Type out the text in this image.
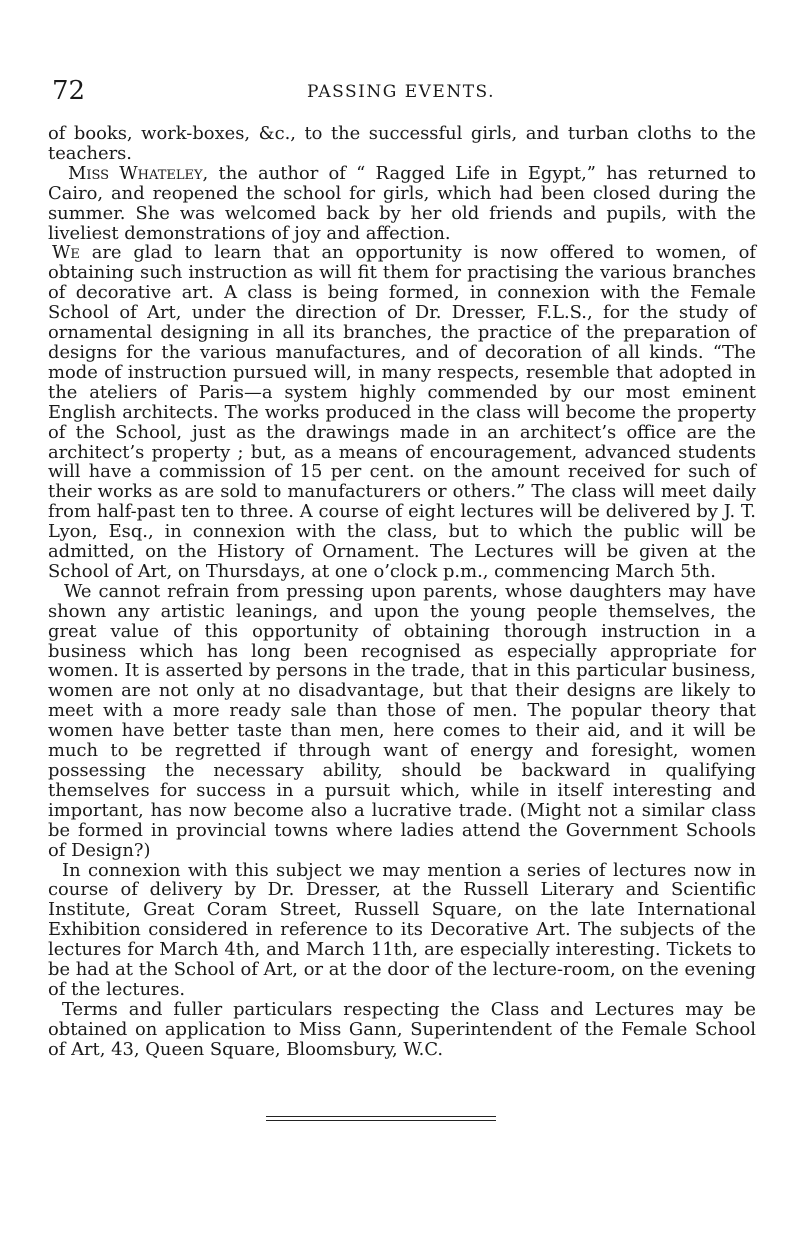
72	PASSING EVENTS.

of books, work-boxes, &c., to the successful girls, and turban cloths to the teachers.

Miss Whateley, the author of “ Ragged Life in Egypt,” has returned to Cairo, and reopened the school for girls, which had been closed during the summer. She was welcomed back by her old friends and pupils, with the liveliest demonstrations of joy and affection.

We are glad to learn that an opportunity is now offered to women, of obtaining such instruction as will fit them for practising the various branches of decorative art. A class is being formed, in connexion with the Female School of Art, under the direction of Dr. Dresser, F.L.S., for the study of ornamental designing in all its branches, the practice of the preparation of designs for the various manufactures, and of decoration of all kinds. “The mode of instruction pursued will, in many respects, resemble that adopted in the ateliers of Paris—a system highly commended by our most eminent English architects. The works produced in the class will become the property of the School, just as the drawings made in an architect’s office are the architect’s property ; but, as a means of encouragement, advanced students will have a commission of 15 per cent. on the amount received for such of their works as are sold to manufacturers or others.” The class will meet daily from half-past ten to three. A course of eight lectures will be delivered by J. T. Lyon, Esq., in connexion with the class, but to which the public will be admitted, on the History of Ornament. The Lectures will be given at the School of Art, on Thursdays, at one o’clock p.m., commencing March 5th.

We cannot refrain from pressing upon parents, whose daughters may have shown any artistic leanings, and upon the young people themselves, the great value of this opportunity of obtaining thorough instruction in a business which has long been recognised as especially appropriate for women. It is asserted by persons in the trade, that in this particular business, women are not only at no disadvantage, but that their designs are likely to meet with a more ready sale than those of men. The popular theory that women have better taste than men, here comes to their aid, and it will be much to be regretted if through want of energy and foresight, women possessing the necessary ability, should be backward in qualifying themselves for success in a pursuit which, while in itself interesting and important, has now become also a lucrative trade. (Might not a similar class be formed in provincial towns where ladies attend the Government Schools of Design?)

In connexion with this subject we may mention a series of lectures now in course of delivery by Dr. Dresser, at the Russell Literary and Scientific Institute, Great Coram Street, Russell Square, on the late International Exhibition considered in reference to its Decorative Art. The subjects of the lectures for March 4th, and March 11th, are especially interesting. Tickets to be had at the School of Art, or at the door of the lecture-room, on the evening of the lectures.

Terms and fuller particulars respecting the Class and Lectures may be obtained on application to Miss Gann, Superintendent of the Female School of Art, 43, Queen Square, Bloomsbury, W.C.
